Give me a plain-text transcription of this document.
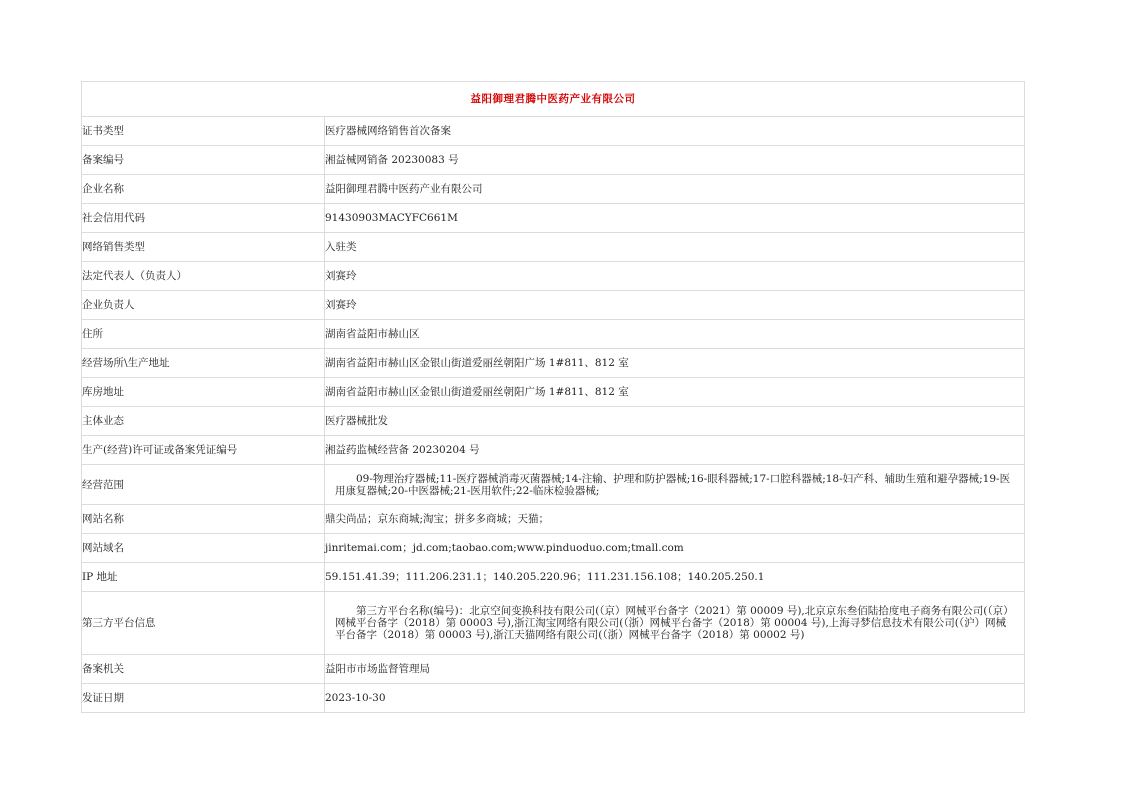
益阳御理君腾中医药产业有限公司	
证书类型	医疗器械网络销售首次备案
备案编号	湘益械网销备 20230083 号
企业名称	益阳御理君腾中医药产业有限公司
社会信用代码	91430903MACYFC661M
网络销售类型	入驻类
法定代表人（负责人）	刘赛玲
企业负责人	刘赛玲
住所	湖南省益阳市赫山区
经营场所\生产地址	湖南省益阳市赫山区金银山街道爱丽丝朝阳广场 1#811、812 室
库房地址	湖南省益阳市赫山区金银山街道爱丽丝朝阳广场 1#811、812 室
主体业态	医疗器械批发
生产(经营)许可证或备案凭证编号	湘益药监械经营备 20230204 号
经营范围	09-物理治疗器械;11-医疗器械消毒灭菌器械;14-注输、护理和防护器械;16-眼科器械;17-口腔科器械;18-妇产科、辅助生殖和避孕器械;19-医用康复器械;20-中医器械;21-医用软件;22-临床检验器械;

网站名称	鼎尖尚品；京东商城;淘宝；拼多多商城；天猫；
网站域名	jinritemai.com；jd.com;taobao.com;www.pinduoduo.com;tmall.com
IP 地址	59.151.41.39；111.206.231.1；140.205.220.96；111.231.156.108；140.205.250.1
第三方平台信息	第三方平台名称(编号)：北京空间变换科技有限公司(（京）网械平台备字（2021）第 00009 号),北京京东叁佰陆拾度电子商务有限公司(（京）网械平台备字（2018）第 00003 号),浙江淘宝网络有限公司(（浙）网械平台备字（2018）第 00004 号),上海寻梦信息技术有限公司(（沪）网械平台备字（2018）第 00003 号),浙江天猫网络有限公司(（浙）网械平台备字（2018）第 00002 号)

备案机关	益阳市市场监督管理局
发证日期	2023-10-30
